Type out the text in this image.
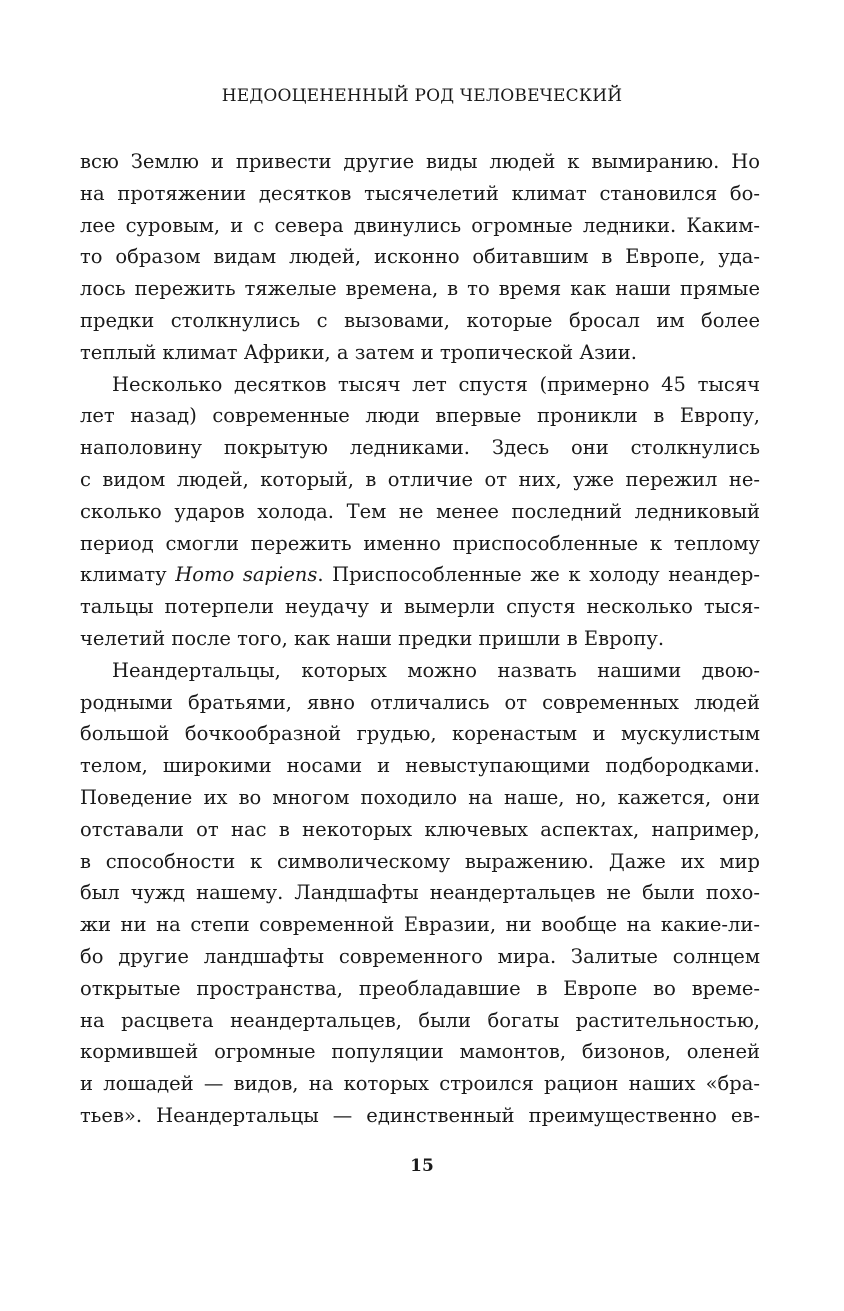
НЕДООЦЕНЕННЫЙ РОД ЧЕЛОВЕЧЕСКИЙ
всю Землю и привести другие виды людей к вымиранию. Но
на протяжении десятков тысячелетий климат становился бо-
лее суровым, и с севера двинулись огромные ледники. Каким-
то образом видам людей, исконно обитавшим в Европе, уда-
лось пережить тяжелые времена, в то время как наши прямые
предки столкнулись с вызовами, которые бросал им более
теплый климат Африки, а затем и тропической Азии.
Несколько десятков тысяч лет спустя (примерно 45 тысяч
лет назад) современные люди впервые проникли в Европу,
наполовину покрытую ледниками. Здесь они столкнулись
с видом людей, который, в отличие от них, уже пережил не-
сколько ударов холода. Тем не менее последний ледниковый
период смогли пережить именно приспособленные к теплому
климату Homo sapiens. Приспособленные же к холоду неандер-
тальцы потерпели неудачу и вымерли спустя несколько тыся-
челетий после того, как наши предки пришли в Европу.
Неандертальцы, которых можно назвать нашими двою-
родными братьями, явно отличались от современных людей
большой бочкообразной грудью, коренастым и мускулистым
телом, широкими носами и невыступающими подбородками.
Поведение их во многом походило на наше, но, кажется, они
отставали от нас в некоторых ключевых аспектах, например,
в способности к символическому выражению. Даже их мир
был чужд нашему. Ландшафты неандертальцев не были похо-
жи ни на степи современной Евразии, ни вообще на какие-ли-
бо другие ландшафты современного мира. Залитые солнцем
открытые пространства, преобладавшие в Европе во време-
на расцвета неандертальцев, были богаты растительностью,
кормившей огромные популяции мамонтов, бизонов, оленей
и лошадей — видов, на которых строился рацион наших «бра-
тьев». Неандертальцы — единственный преимущественно ев-
15
